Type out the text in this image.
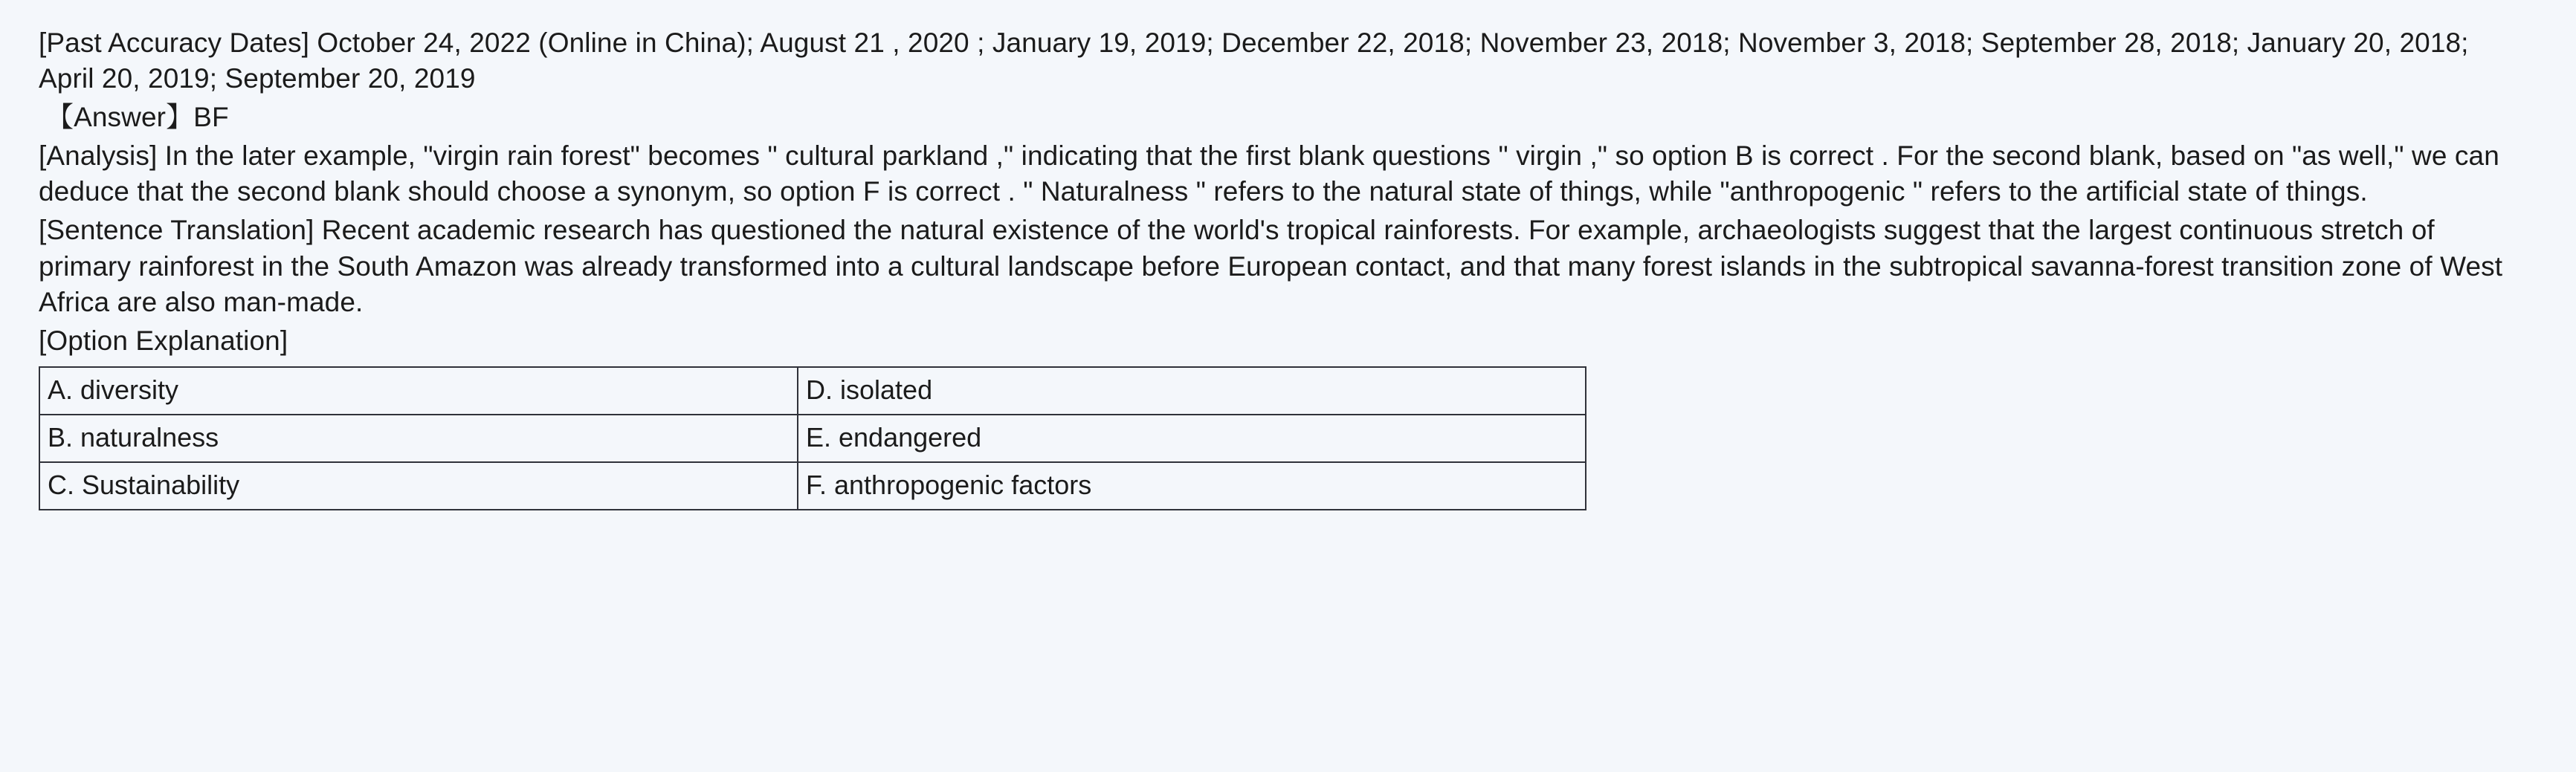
[Past Accuracy Dates] October 24, 2022 (Online in China); August 21 , 2020 ; January 19, 2019; December 22, 2018; November 23, 2018; November 3, 2018; September 28, 2018; January 20, 2018; April 20, 2019; September 20, 2019

【Answer】BF

[Analysis] In the later example, "virgin rain forest" becomes " cultural parkland ," indicating that the first blank questions " virgin ," so option B is correct . For the second blank, based on "as well," we can deduce that the second blank should choose a synonym, so option F is correct . " Naturalness " refers to the natural state of things, while "anthropogenic " refers to the artificial state of things.

[Sentence Translation] Recent academic research has questioned the natural existence of the world's tropical rainforests. For example, archaeologists suggest that the largest continuous stretch of primary rainforest in the South Amazon was already transformed into a cultural landscape before European contact, and that many forest islands in the subtropical savanna-forest transition zone of West Africa are also man-made.

[Option Explanation]

A. diversity	D. isolated
B. naturalness	E. endangered
C. Sustainability	F. anthropogenic factors
